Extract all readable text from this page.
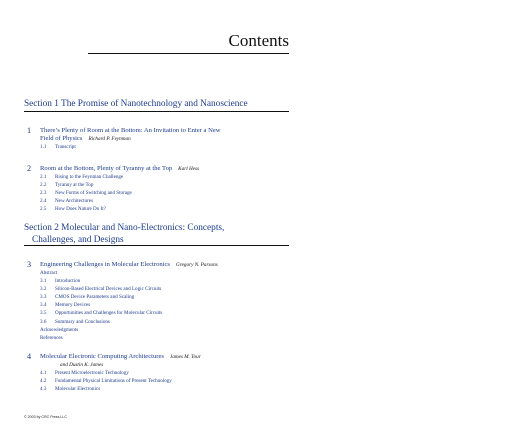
Contents
Section 1 The Promise of Nanotechnology and Nanoscience
1 There’s Plenty of Room at the Bottom: An Invitation to Enter a New
Field of Physics Richard P. Feynman
1.1 Transcript
2 Room at the Bottom, Plenty of Tyranny at the Top Karl Hess
2.1 Rising to the Feynman Challenge
2.2 Tyranny at the Top
2.3 New Forms of Switching and Storage
2.4 New Architectures
2.5 How Does Nature Do It?
Section 2 Molecular and Nano-Electronics: Concepts,
Challenges, and Designs
3 Engineering Challenges in Molecular Electronics Gregory N. Parsons
Abstract
3.1 Introduction
3.2 Silicon-Based Electrical Devices and Logic Circuits
3.3 CMOS Device Parameters and Scaling
3.4 Memory Devices
3.5 Opportunities and Challenges for Molecular Circuits
3.6 Summary and Conclusions
Acknowledgments
References
4 Molecular Electronic Computing Architectures James M. Tour
and Dustin K. James
4.1 Present Microelectronic Technology
4.2 Fundamental Physical Limitations of Present Technology
4.3 Molecular Electronics
© 2003 by CRC Press LLC
